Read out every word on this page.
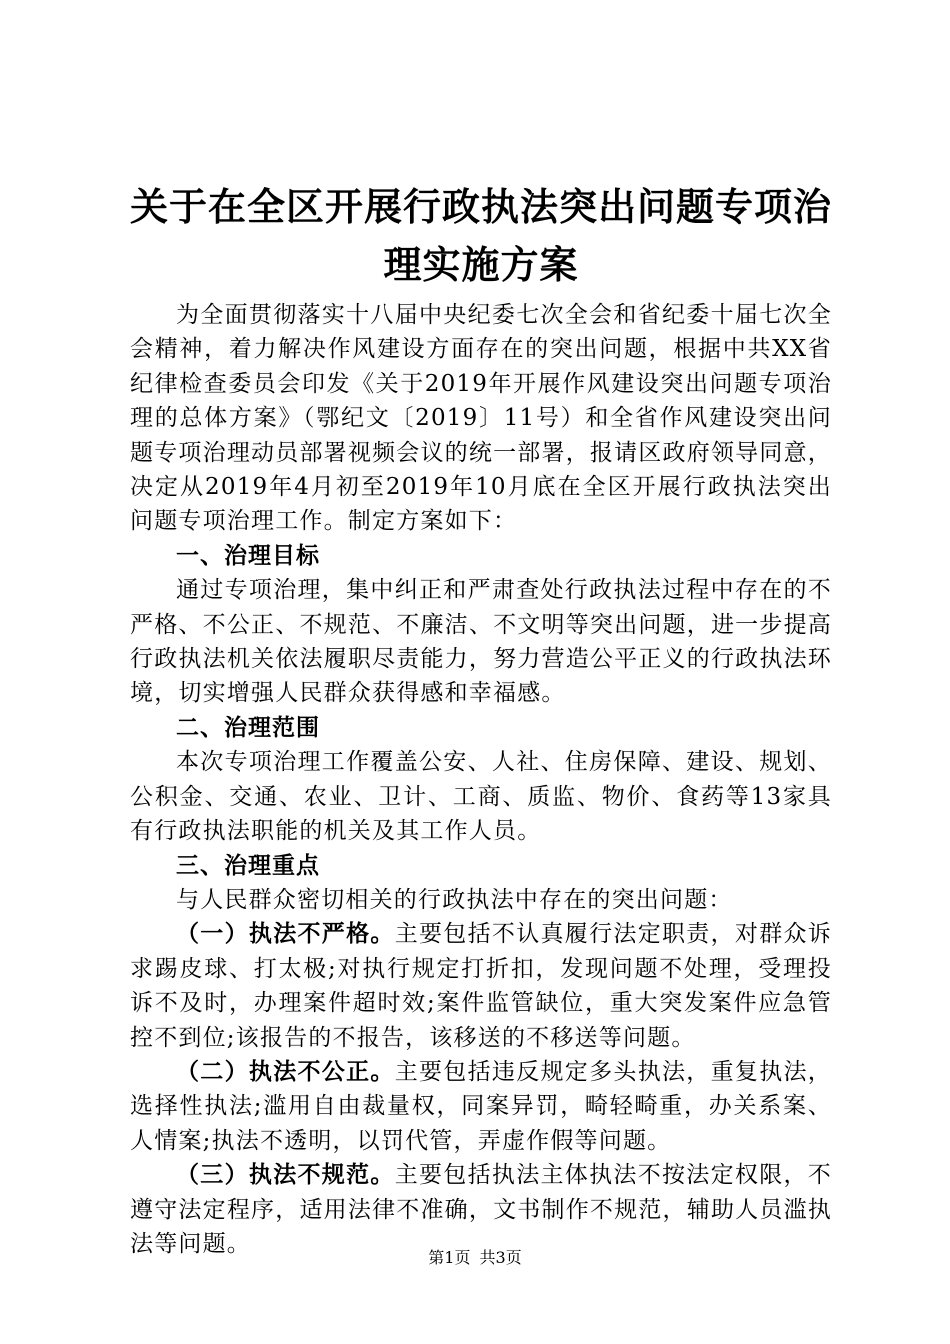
关于在全区开展行政执法突出问题专项治理实施方案

为全面贯彻落实十八届中央纪委七次全会和省纪委十届七次全会精神，着力解决作风建设方面存在的突出问题，根据中共XX省纪律检查委员会印发《关于2019年开展作风建设突出问题专项治理的总体方案》（鄂纪文〔2019〕11号）和全省作风建设突出问题专项治理动员部署视频会议的统一部署，报请区政府领导同意，决定从2019年4月初至2019年10月底在全区开展行政执法突出问题专项治理工作。制定方案如下：

一、治理目标

通过专项治理，集中纠正和严肃查处行政执法过程中存在的不严格、不公正、不规范、不廉洁、不文明等突出问题，进一步提高行政执法机关依法履职尽责能力，努力营造公平正义的行政执法环境，切实增强人民群众获得感和幸福感。

二、治理范围

本次专项治理工作覆盖公安、人社、住房保障、建设、规划、公积金、交通、农业、卫计、工商、质监、物价、食药等13家具有行政执法职能的机关及其工作人员。

三、治理重点

与人民群众密切相关的行政执法中存在的突出问题：

（一）执法不严格。主要包括不认真履行法定职责，对群众诉求踢皮球、打太极;对执行规定打折扣，发现问题不处理，受理投诉不及时，办理案件超时效;案件监管缺位，重大突发案件应急管控不到位;该报告的不报告，该移送的不移送等问题。

（二）执法不公正。主要包括违反规定多头执法，重复执法，选择性执法;滥用自由裁量权，同案异罚，畸轻畸重，办关系案、人情案;执法不透明，以罚代管，弄虚作假等问题。

（三）执法不规范。主要包括执法主体执法不按法定权限，不遵守法定程序，适用法律不准确，文书制作不规范，辅助人员滥执法等问题。

第1页 共3页
